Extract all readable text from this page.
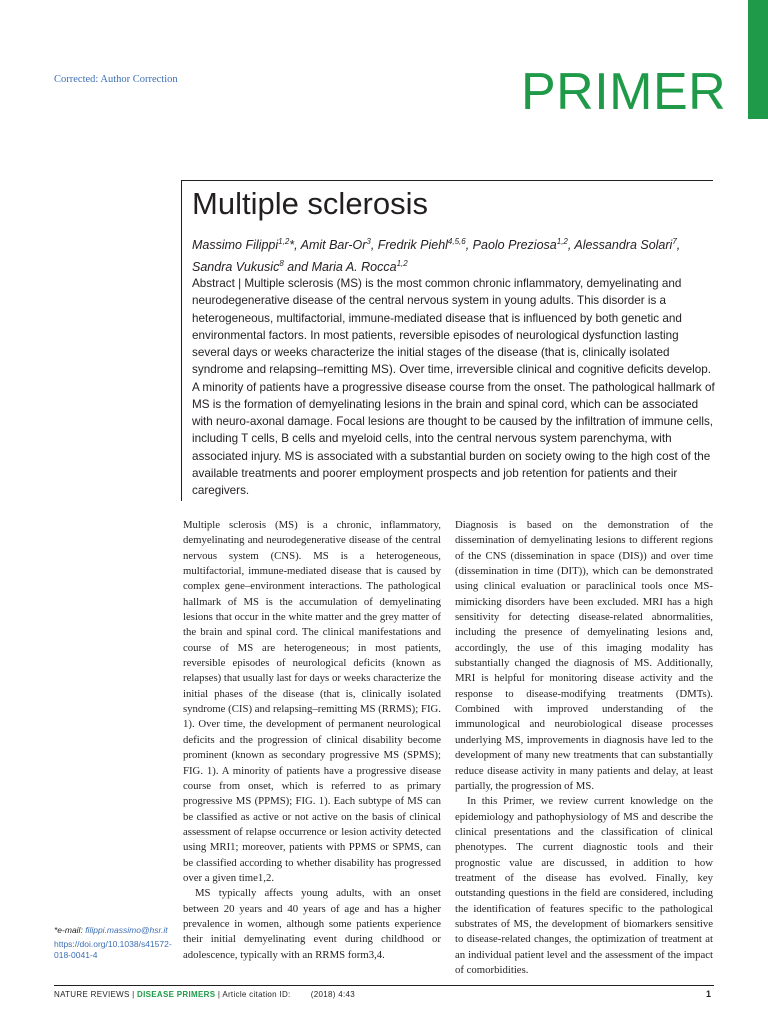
Corrected: Author Correction	PRIMER
Multiple sclerosis
Massimo Filippi$^{1,2}$*, Amit Bar-Or$^3$, Fredrik Piehl$^{4,5,6}$, Paolo Preziosa$^{1,2}$, Alessandra Solari$^7$, Sandra Vukusic$^8$ and Maria A. Rocca$^{1,2}$

Abstract | Multiple sclerosis (MS) is the most common chronic inflammatory, demyelinating and neurodegenerative disease of the central nervous system in young adults. This disorder is a heterogeneous, multifactorial, immune-mediated disease that is influenced by both genetic and environmental factors. In most patients, reversible episodes of neurological dysfunction lasting several days or weeks characterize the initial stages of the disease (that is, clinically isolated syndrome and relapsing–remitting MS). Over time, irreversible clinical and cognitive deficits develop. A minority of patients have a progressive disease course from the onset. The pathological hallmark of MS is the formation of demyelinating lesions in the brain and spinal cord, which can be associated with neuro-axonal damage. Focal lesions are thought to be caused by the infiltration of immune cells, including T cells, B cells and myeloid cells, into the central nervous system parenchyma, with associated injury. MS is associated with a substantial burden on society owing to the high cost of the available treatments and poorer employment prospects and job retention for patients and their caregivers.

Multiple sclerosis (MS) is a chronic, inflammatory, demyelinating and neurodegenerative disease of the central nervous system (CNS). MS is a heterogeneous, multifactorial, immune-mediated disease that is caused by complex gene–environment interactions. The pathological hallmark of MS is the accumulation of demyelinating lesions that occur in the white matter and the grey matter of the brain and spinal cord. The clinical manifestations and course of MS are heterogeneous; in most patients, reversible episodes of neurological deficits (known as relapses) that usually last for days or weeks characterize the initial phases of the disease (that is, clinically isolated syndrome (CIS) and relapsing–remitting MS (RRMS); FIG. 1). Over time, the development of permanent neurological deficits and the progression of clinical disability become prominent (known as secondary progressive MS (SPMS); FIG. 1). A minority of patients have a progressive disease course from onset, which is referred to as primary progressive MS (PPMS); FIG. 1). Each subtype of MS can be classified as active or not active on the basis of clinical assessment of relapse occurrence or lesion activity detected using MRI1; moreover, patients with PPMS or SPMS, can be classified according to whether disability has progressed over a given time1,2.

MS typically affects young adults, with an onset between 20 years and 40 years of age and has a higher prevalence in women, although some patients experience their initial demyelinating event during childhood or adolescence, typically with an RRMS form3,4.

Diagnosis is based on the demonstration of the dissemination of demyelinating lesions to different regions of the CNS (dissemination in space (DIS)) and over time (dissemination in time (DIT)), which can be demonstrated using clinical evaluation or paraclinical tools once MS-mimicking disorders have been excluded. MRI has a high sensitivity for detecting disease-related abnormalities, including the presence of demyelinating lesions and, accordingly, the use of this imaging modality has substantially changed the diagnosis of MS. Additionally, MRI is helpful for monitoring disease activity and the response to disease-modifying treatments (DMTs). Combined with improved understanding of the immunological and neurobiological disease processes underlying MS, improvements in diagnosis have led to the development of many new treatments that can substantially reduce disease activity in many patients and delay, at least partially, the progression of MS.

In this Primer, we review current knowledge on the epidemiology and pathophysiology of MS and describe the clinical presentations and the classification of clinical phenotypes. The current diagnostic tools and their prognostic value are discussed, in addition to how treatment of the disease has evolved. Finally, key outstanding questions in the field are considered, including the identification of features specific to the pathological substrates of MS, the development of biomarkers sensitive to disease-related changes, the optimization of treatment at an individual patient level and the assessment of the impact of comorbidities.

*e-mail: filippi.massimo@hsr.it
https://doi.org/10.1038/s41572-018-0041-4
NATURE REVIEWS | DISEASE PRIMERS | Article citation ID:	(2018) 4:43	1
